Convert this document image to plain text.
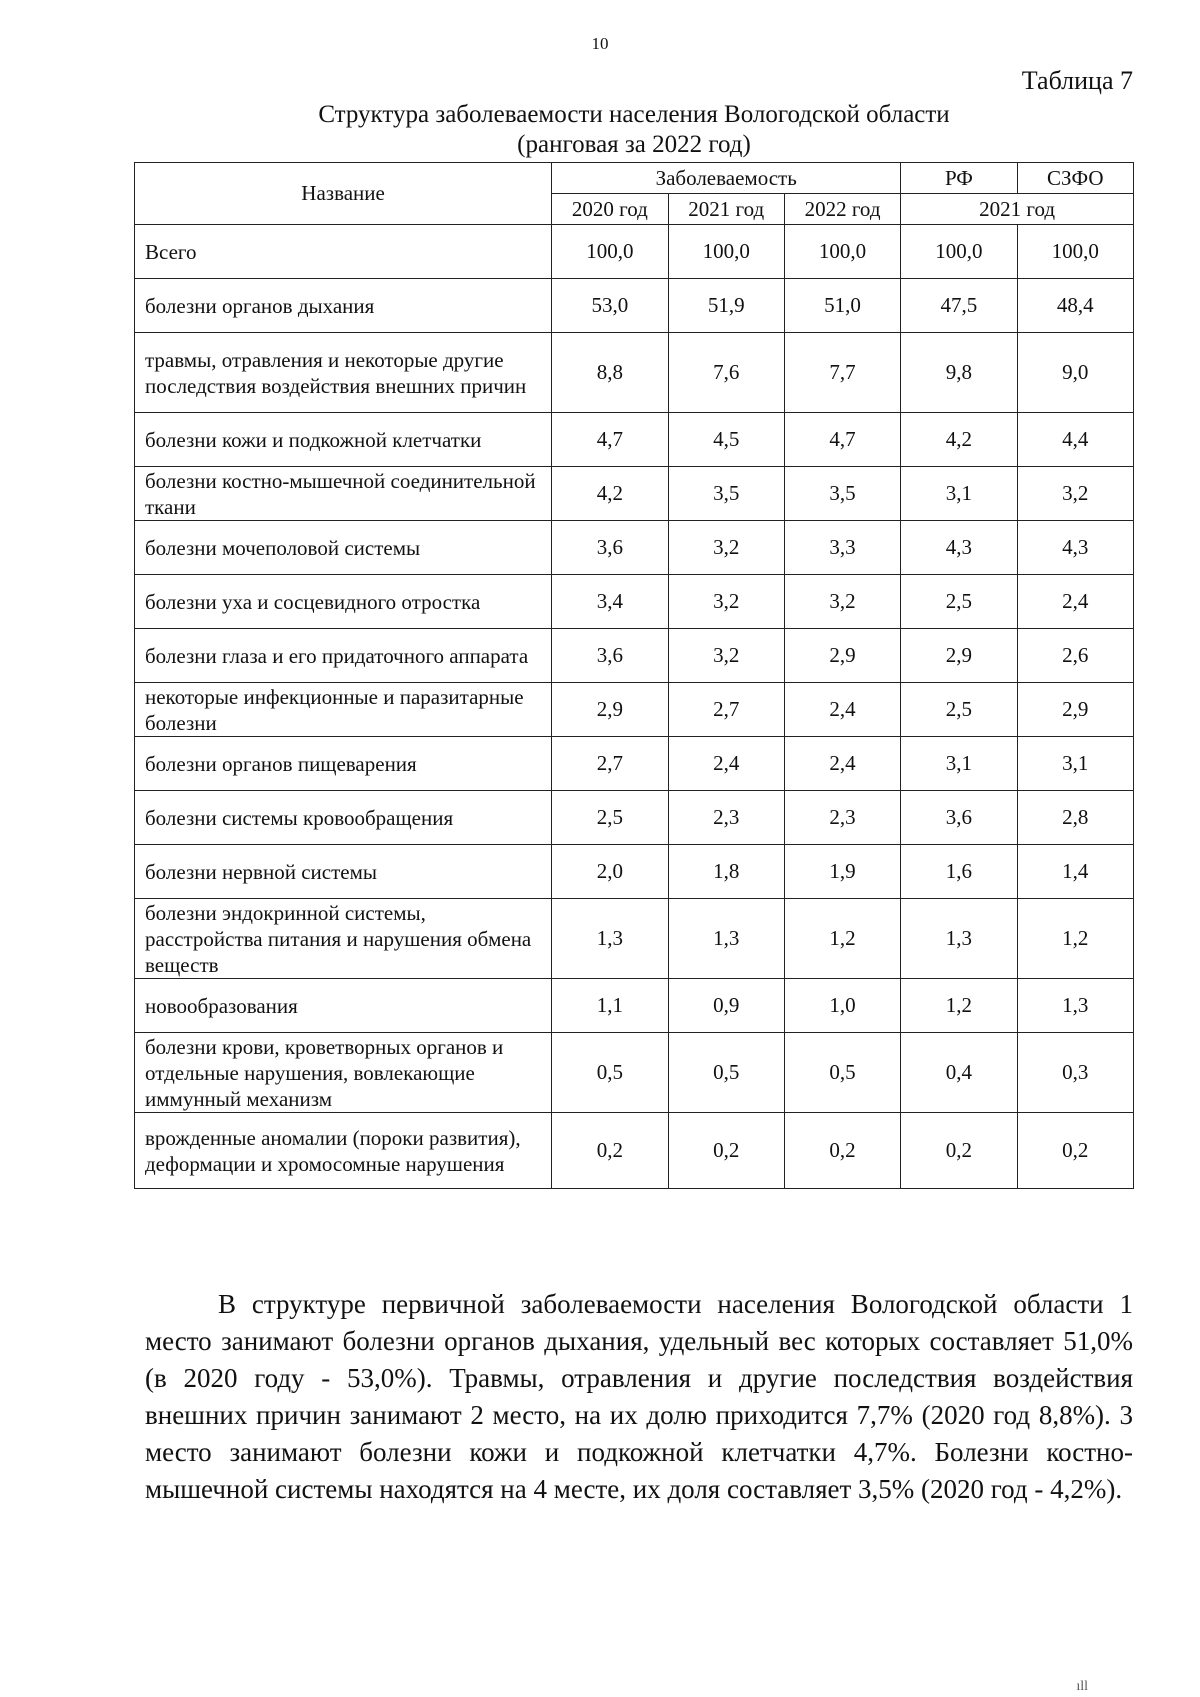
10
Таблица 7
Структура заболеваемости населения Вологодской области
(ранговая за 2022 год)
Название	Заболеваемость			РФ	СЗФО
	2020 год	2021 год	2022 год	2021 год	
Всего	100,0	100,0	100,0	100,0	100,0
болезни органов дыхания	53,0	51,9	51,0	47,5	48,4
травмы, отравления и некоторые другие последствия воздействия внешних причин	8,8	7,6	7,7	9,8	9,0
болезни кожи и подкожной клетчатки	4,7	4,5	4,7	4,2	4,4
болезни костно-мышечной соединительной ткани	4,2	3,5	3,5	3,1	3,2
болезни мочеполовой системы	3,6	3,2	3,3	4,3	4,3
болезни уха и сосцевидного отростка	3,4	3,2	3,2	2,5	2,4
болезни глаза и его придаточного аппарата	3,6	3,2	2,9	2,9	2,6
некоторые инфекционные и паразитарные болезни	2,9	2,7	2,4	2,5	2,9
болезни органов пищеварения	2,7	2,4	2,4	3,1	3,1
болезни системы кровообращения	2,5	2,3	2,3	3,6	2,8
болезни нервной системы	2,0	1,8	1,9	1,6	1,4
болезни эндокринной системы, расстройства питания и нарушения обмена веществ	1,3	1,3	1,2	1,3	1,2
новообразования	1,1	0,9	1,0	1,2	1,3
болезни крови, кроветворных органов и отдельные нарушения, вовлекающие иммунный механизм	0,5	0,5	0,5	0,4	0,3
врожденные аномалии (пороки развития), деформации и хромосомные нарушения	0,2	0,2	0,2	0,2	0,2
В структуре первичной заболеваемости населения Вологодской области 1 место занимают болезни органов дыхания, удельный вес которых составляет 51,0% (в 2020 году - 53,0%). Травмы, отравления и другие последствия воздействия внешних причин занимают 2 место, на их долю приходится 7,7% (2020 год 8,8%). 3 место занимают болезни кожи и подкожной клетчатки 4,7%. Болезни костно-мышечной системы находятся на 4 месте, их доля составляет 3,5% (2020 год - 4,2%).
ıll
